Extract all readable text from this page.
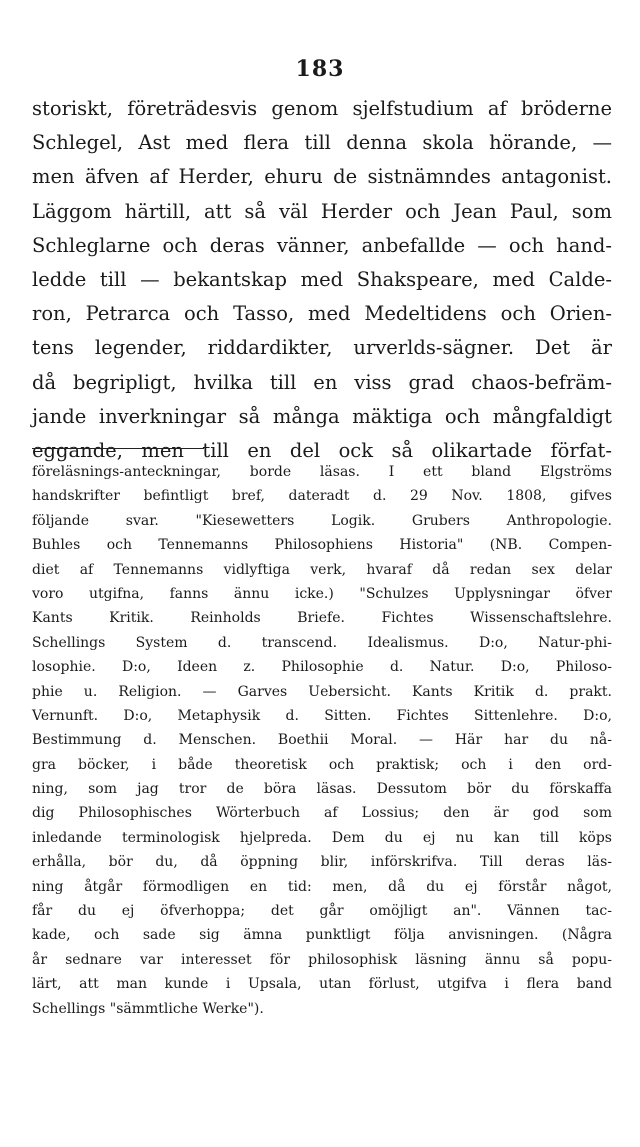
183
storiskt, företrädesvis genom sjelfstudium af bröderne
Schlegel, Ast med flera till denna skola hörande, —
men äfven af Herder, ehuru de sistnämndes antagonist.
Läggom härtill, att så väl Herder och Jean Paul, som
Schleglarne och deras vänner, anbefallde — och hand-
ledde till — bekantskap med Shakspeare, med Calde-
ron, Petrarca och Tasso, med Medeltidens och Orien-
tens legender, riddardikter, urverlds-sägner. Det är
då begripligt, hvilka till en viss grad chaos-befräm-
jande inverkningar så många mäktiga och mångfaldigt
eggande, men till en del ock så olikartade förfat-
föreläsnings-anteckningar, borde läsas. I ett bland Elgströms
handskrifter befintligt bref, dateradt d. 29 Nov. 1808, gifves
följande svar. "Kiesewetters Logik. Grubers Anthropologie.
Buhles och Tennemanns Philosophiens Historia" (NB. Compen-
diet af Tennemanns vidlyftiga verk, hvaraf då redan sex delar
voro utgifna, fanns ännu icke.) "Schulzes Upplysningar öfver
Kants Kritik. Reinholds Briefe. Fichtes Wissenschaftslehre.
Schellings System d. transcend. Idealismus. D:o, Natur-phi-
losophie. D:o, Ideen z. Philosophie d. Natur. D:o, Philoso-
phie u. Religion. — Garves Uebersicht. Kants Kritik d. prakt.
Vernunft. D:o, Metaphysik d. Sitten. Fichtes Sittenlehre. D:o,
Bestimmung d. Menschen. Boethii Moral. — Här har du nå-
gra böcker, i både theoretisk och praktisk; och i den ord-
ning, som jag tror de böra läsas. Dessutom bör du förskaffa
dig Philosophisches Wörterbuch af Lossius; den är god som
inledande terminologisk hjelpreda. Dem du ej nu kan till köps
erhålla, bör du, då öppning blir, införskrifva. Till deras läs-
ning åtgår förmodligen en tid: men, då du ej förstår något,
får du ej öfverhoppa; det går omöjligt an". Vännen tac-
kade, och sade sig ämna punktligt följa anvisningen. (Några
år sednare var interesset för philosophisk läsning ännu så popu-
lärt, att man kunde i Upsala, utan förlust, utgifva i flera band
Schellings "sämmtliche Werke").
